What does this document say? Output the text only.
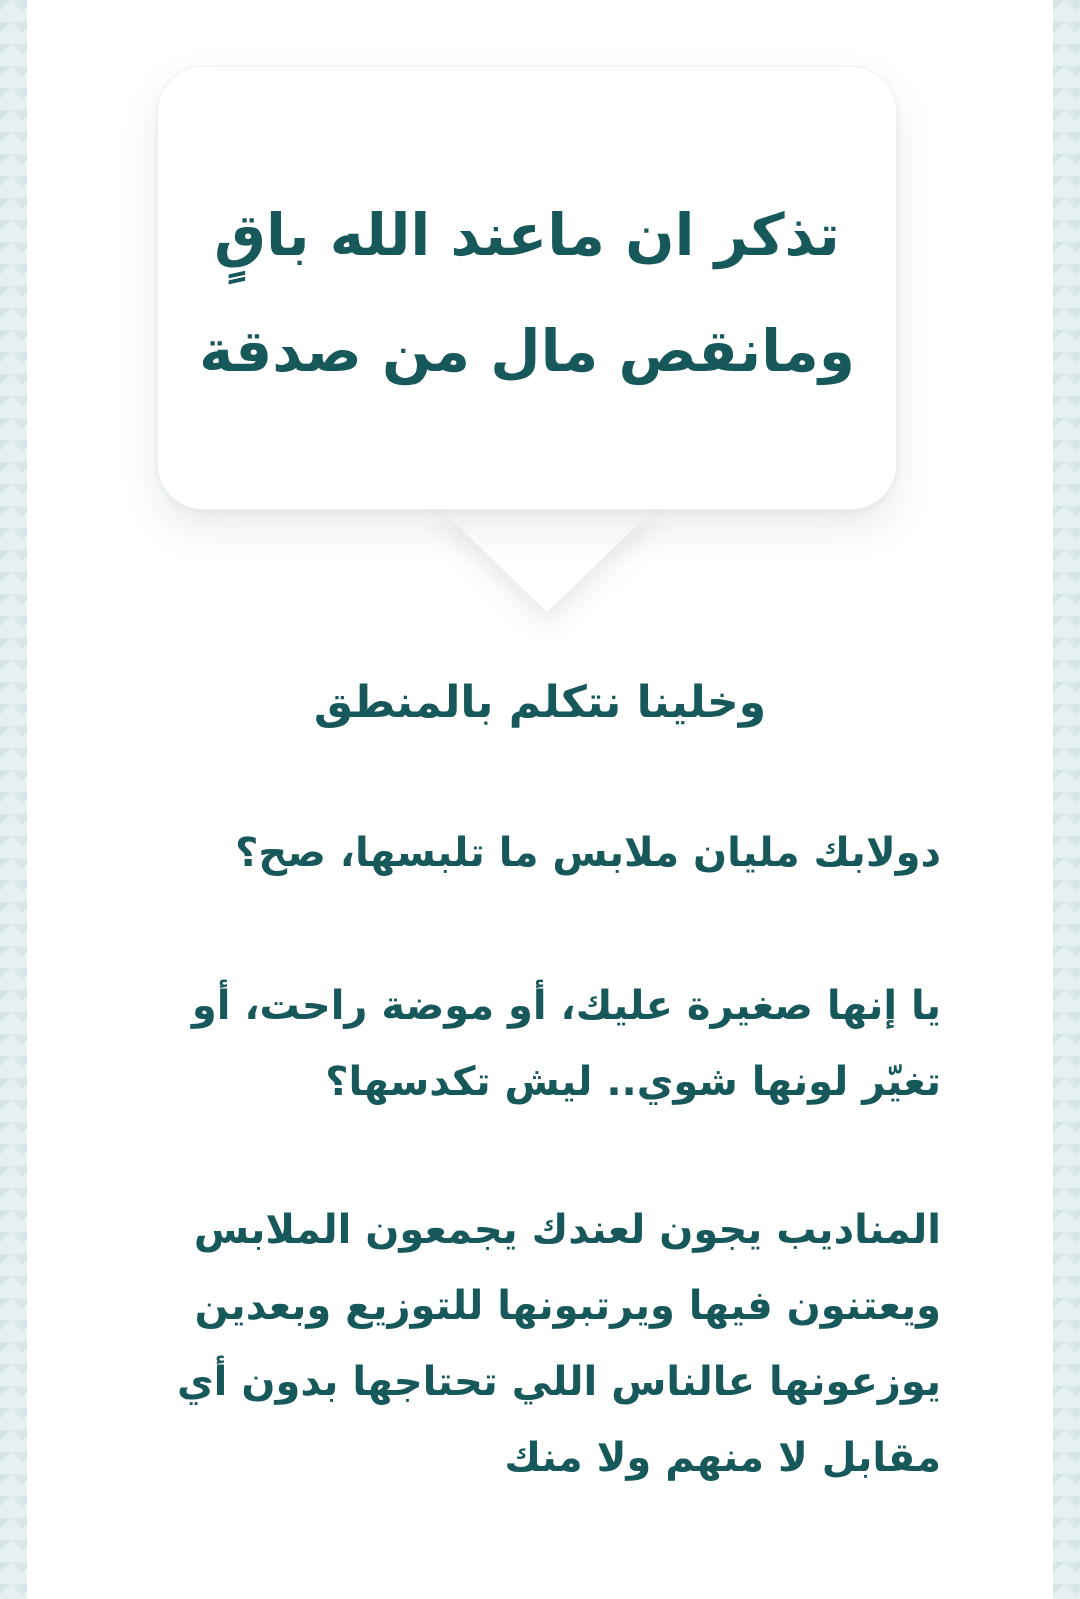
تذكر ان ماعند الله باقٍ
ومانقص مال من صدقة
وخلينا نتكلم بالمنطق
دولابك مليان ملابس ما تلبسها، صح؟
يا إنها صغيرة عليك، أو موضة راحت، أو
تغيّر لونها شوي.. ليش تكدسها؟
المناديب يجون لعندك يجمعون الملابس
ويعتنون فيها ويرتبونها للتوزيع وبعدين
يوزعونها عالناس اللي تحتاجها بدون أي
مقابل لا منهم ولا منك
